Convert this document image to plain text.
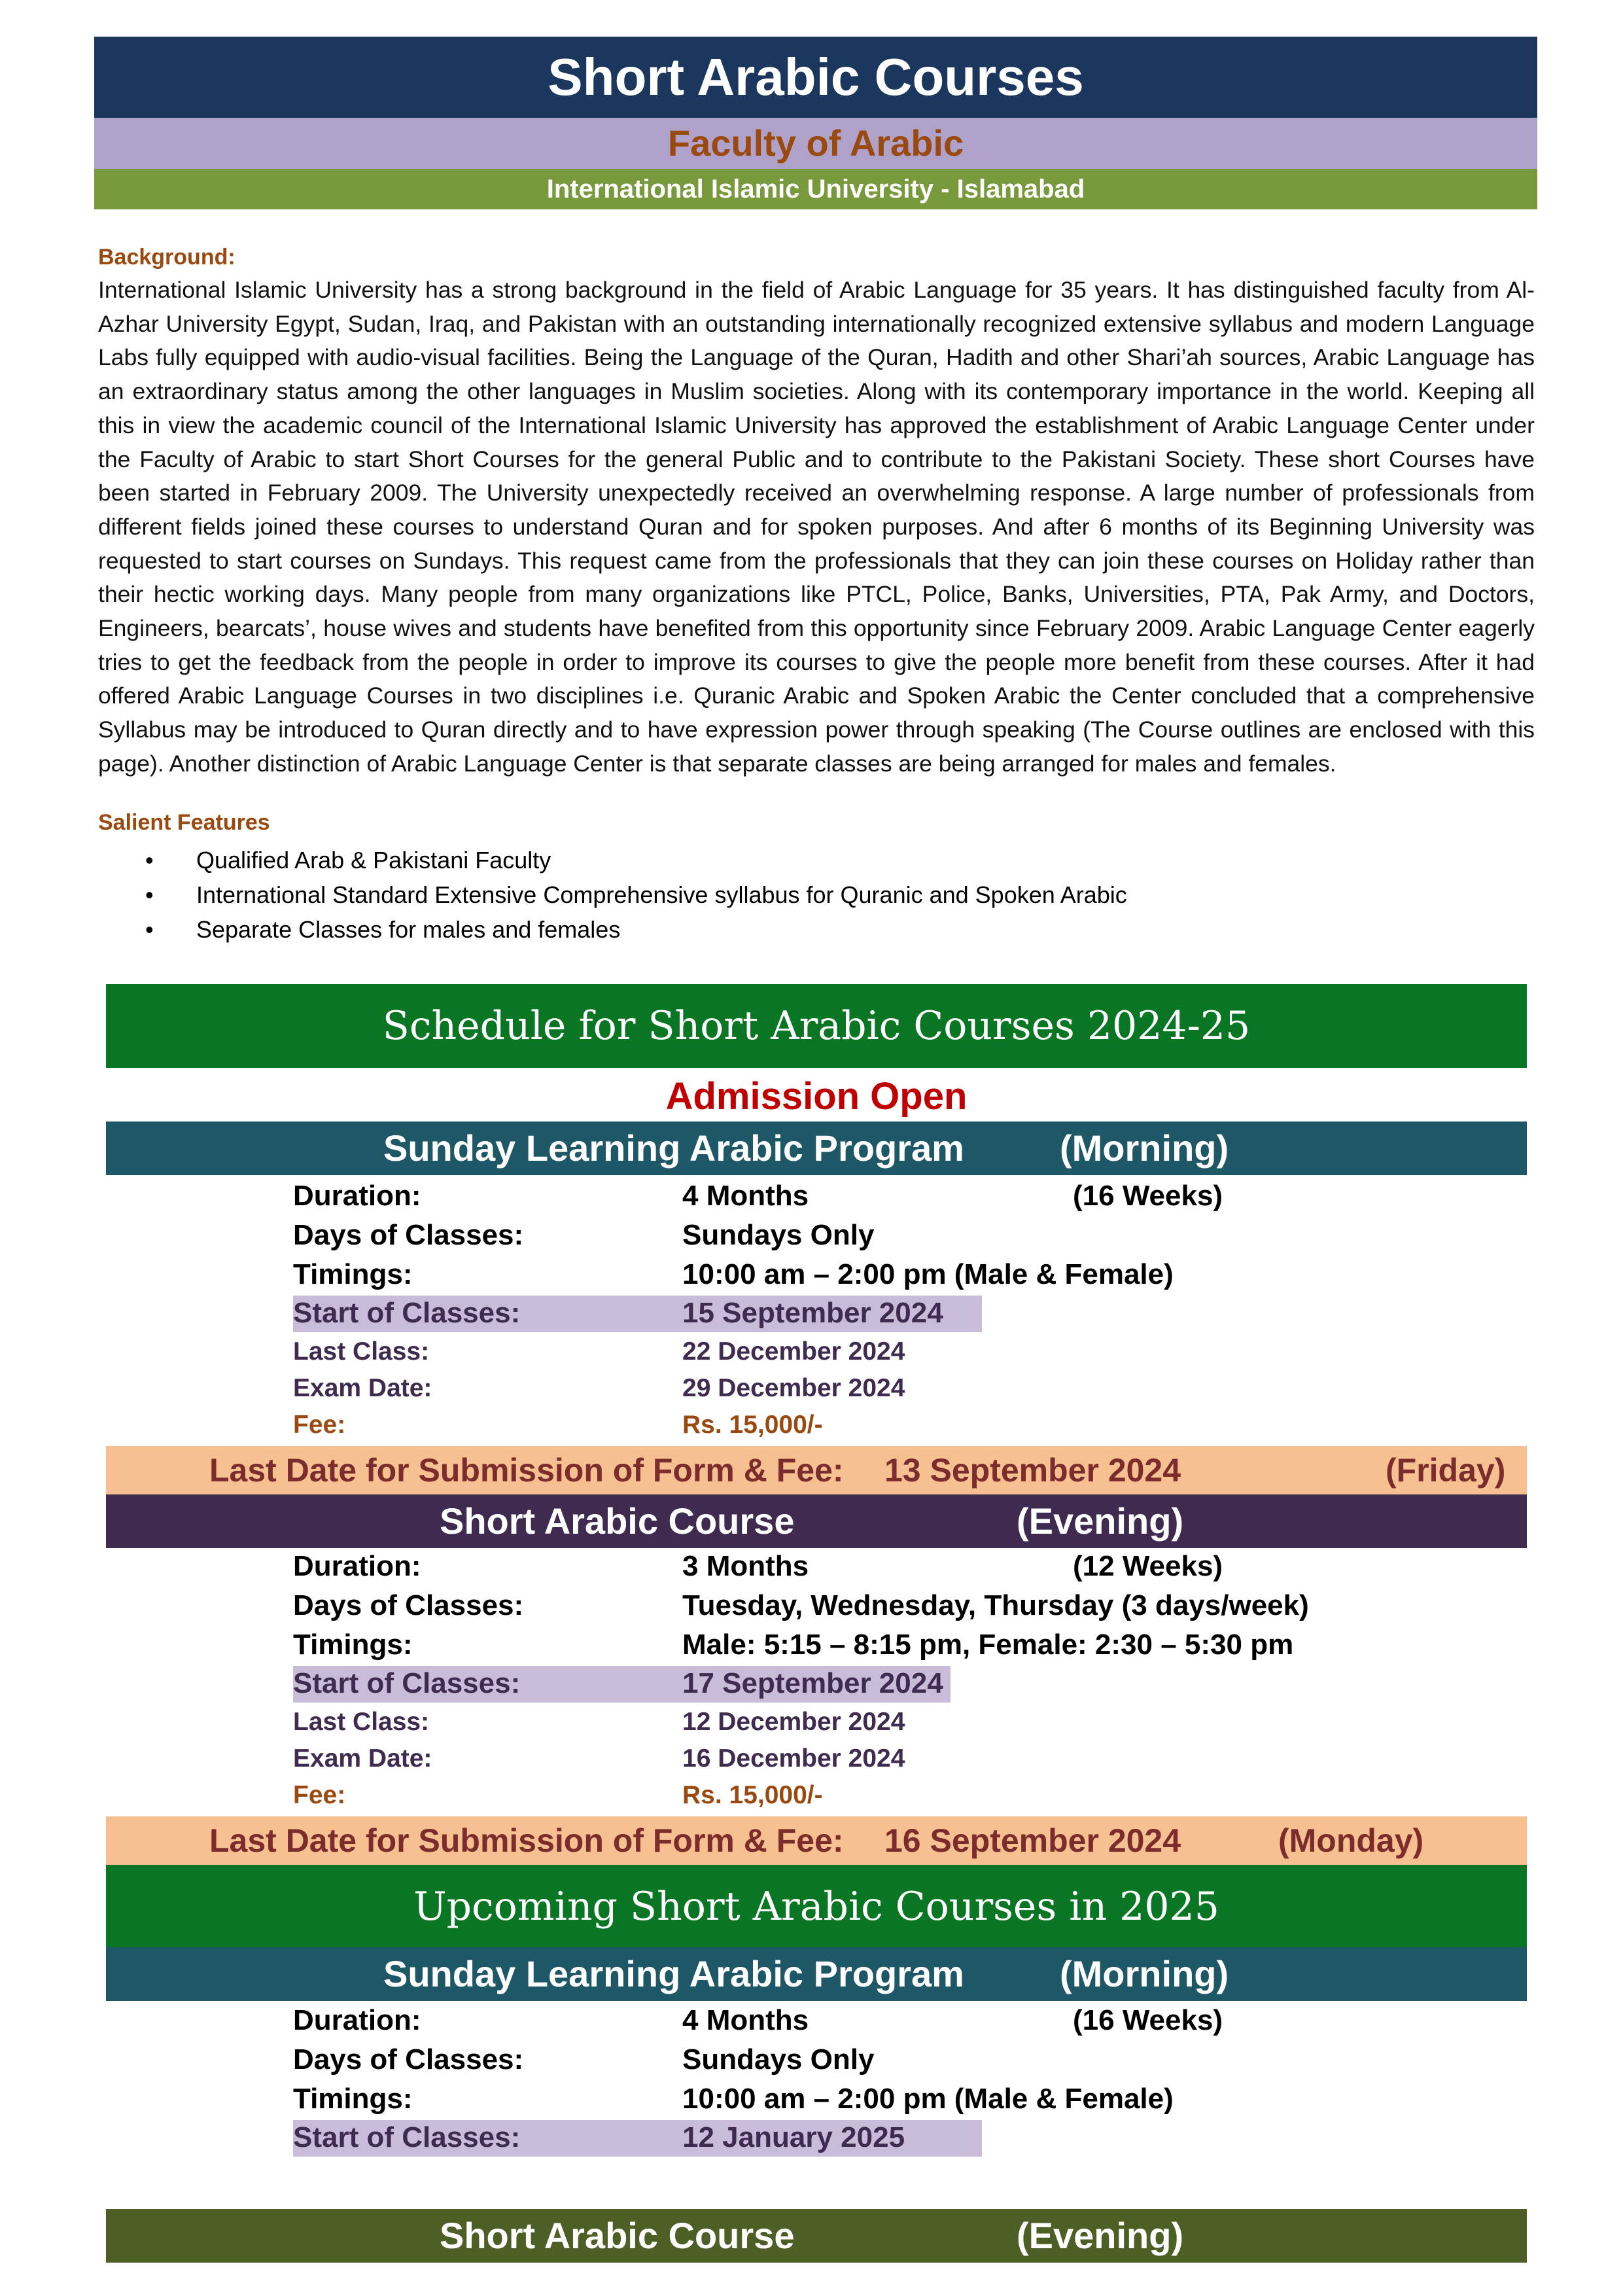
Short Arabic Courses
Faculty of Arabic
International Islamic University - Islamabad
Background:

International Islamic University has a strong background in the field of Arabic Language for 35 years. It has distinguished faculty from Al-Azhar University Egypt, Sudan, Iraq, and Pakistan with an outstanding internationally recognized extensive syllabus and modern Language Labs fully equipped with audio-visual facilities. Being the Language of the Quran, Hadith and other Shari’ah sources, Arabic Language has an extraordinary status among the other languages in Muslim societies. Along with its contemporary importance in the world. Keeping all this in view the academic council of the International Islamic University has approved the establishment of Arabic Language Center under the Faculty of Arabic to start Short Courses for the general Public and to contribute to the Pakistani Society. These short Courses have been started in February 2009. The University unexpectedly received an overwhelming response. A large number of professionals from different fields joined these courses to understand Quran and for spoken purposes. And after 6 months of its Beginning University was requested to start courses on Sundays. This request came from the professionals that they can join these courses on Holiday rather than their hectic working days. Many people from many organizations like PTCL, Police, Banks, Universities, PTA, Pak Army, and Doctors, Engineers, bearcats’, house wives and students have benefited from this opportunity since February 2009. Arabic Language Center eagerly tries to get the feedback from the people in order to improve its courses to give the people more benefit from these courses. After it had offered Arabic Language Courses in two disciplines i.e. Quranic Arabic and Spoken Arabic the Center concluded that a comprehensive Syllabus may be introduced to Quran directly and to have expression power through speaking (The Course outlines are enclosed with this page). Another distinction of Arabic Language Center is that separate classes are being arranged for males and females.

Salient Features
• Qualified Arab & Pakistani Faculty
• International Standard Extensive Comprehensive syllabus for Quranic and Spoken Arabic
• Separate Classes for males and females
Schedule for Short Arabic Courses 2024-25
Admission Open
Sunday Learning Arabic Program	(Morning)
Duration:	4 Months	(16 Weeks)
Days of Classes:	Sundays Only
Timings:	10:00 am – 2:00 pm (Male & Female)
Start of Classes:	15 September 2024
Last Class:	22 December 2024
Exam Date:	29 December 2024
Fee:	Rs. 15,000/-
Last Date for Submission of Form & Fee: 13 September 2024	(Friday)
Short Arabic Course	(Evening)
Duration:	3 Months	(12 Weeks)
Days of Classes:	Tuesday, Wednesday, Thursday (3 days/week)
Timings:	Male: 5:15 – 8:15 pm, Female: 2:30 – 5:30 pm
Start of Classes:	17 September 2024
Last Class:	12 December 2024
Exam Date:	16 December 2024
Fee:	Rs. 15,000/-
Last Date for Submission of Form & Fee: 16 September 2024	(Monday)
Upcoming Short Arabic Courses in 2025
Sunday Learning Arabic Program	(Morning)
Duration:	4 Months	(16 Weeks)
Days of Classes:	Sundays Only
Timings:	10:00 am – 2:00 pm (Male & Female)
Start of Classes:	12 January 2025
Short Arabic Course	(Evening)
